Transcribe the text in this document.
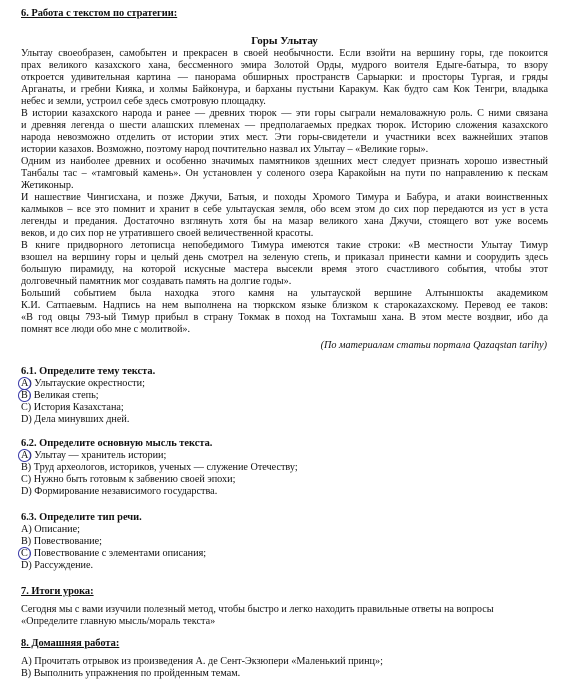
6. Работа с текстом по стратегии:
Горы Улытау
Улытау своеобразен, самобытен и прекрасен в своей необычности. Если взойти на вершину горы, где покоится
прах великого казахского хана, бессменного эмира Золотой Орды, мудрого воителя Едыге-батыра, то взору
откроется удивительная картина — панорама обширных пространств Сарыарки: и просторы Тургая, и гряды
Арганаты, и гребни Кияка, и холмы Байконура, и барханы пустыни Каракум. Как будто сам Кок Тенгри, владыка
небес и земли, устроил себе здесь смотровую площадку.
В истории казахского народа и ранее — древних тюрок — эти горы сыграли немаловажную роль. С ними связана
и древняя легенда о шести алашских племенах — предполагаемых предках тюрок. Историю сложения казахского
народа невозможно отделить от истории этих мест. Эти горы-свидетели и участники всех важнейших этапов
истории казахов. Возможно, поэтому народ почтительно назвал их Улытау – «Великие горы».
Одним из наиболее древних и особенно значимых памятников здешних мест следует признать хорошо известный
Танбалы тас – «тамговый камень». Он установлен у соленого озера Каракойын на пути по направлению к пескам
Жетиконыр.
И нашествие Чингисхана, и позже Джучи, Батыя, и походы Хромого Тимура и Бабура, и атаки воинственных
калмыков – все это помнит и хранит в себе улытауская земля, обо всем этом до сих пор передаются из уст в уста
легенды и предания. Достаточно взглянуть хотя бы на мазар великого хана Джучи, стоящего вот уже восемь
веков, и до сих пор не утратившего своей величественной красоты.
В книге придворного летописца непобедимого Тимура имеются такие строки: «В местности Улытау Тимур
взошел на вершину горы и целый день смотрел на зеленую степь, и приказал принести камни и соорудить здесь
большую пирамиду, на которой искусные мастера высекли время этого счастливого события, чтобы этот
долговечный памятник мог создавать память на долгие годы».
Больший событием была находка этого камня на улытауской вершине Алтыншокты академиком
К.И. Сатпаевым. Надпись на нем выполнена на тюркском языке близком к старокazахскому. Перевод ее таков:
«В год овцы 793-ый Тимур прибыл в страну Токмак в поход на Тохтамыш хана. В этом месте воздвиг, ибо да
помнят все люди обо мне с молитвой».
(По материалам статьи портала Qazaqstan tarihy)
6.1. Определите тему текста.
A) Улытауские окрестности;
B) Великая степь;
C) История Казахстана;
D) Дела минувших дней.
6.2. Определите основную мысль текста.
A) Улытау — хранитель истории;
B) Труд археологов, историков, ученых — служение Отечеству;
C) Нужно быть готовым к забвению своей эпохи;
D) Формирование независимого государства.
6.3. Определите тип речи.
A) Описание;
B) Повествование;
C) Повествование с элементами описания;
D) Рассуждение.
7. Итоги урока:
Сегодня мы с вами изучили полезный метод, чтобы быстро и легко находить правильные ответы на вопросы
«Определите главную мысль/мораль текста»
8. Домашняя работа:
А) Прочитать отрывок из произведения А. де Сент-Экзюпери «Маленький принц»;
B) Выполнить упражнения по пройденным темам.
